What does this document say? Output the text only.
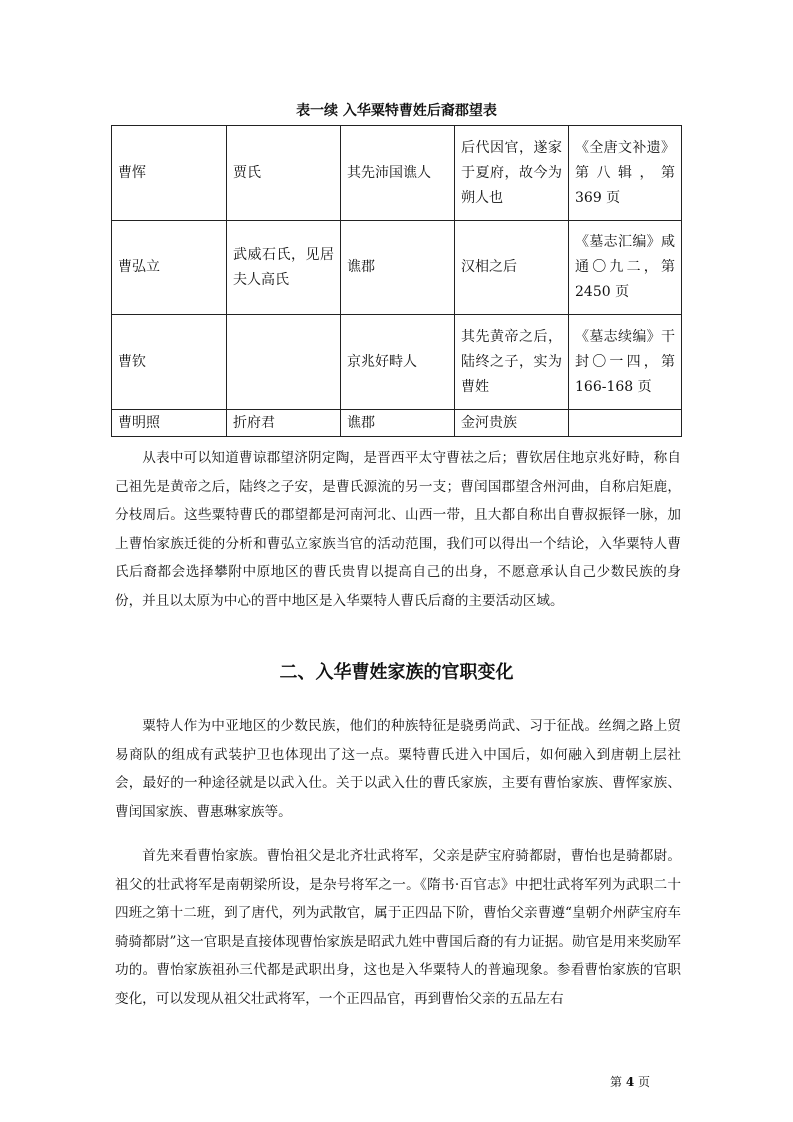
表一续 入华粟特曹姓后裔郡望表
曹恽	贾氏	其先沛国谯人	后代因官，遂家于夏府，故今为朔人也	《全唐文补遗》第八辑，第 369 页
曹弘立	武威石氏，见居夫人高氏	谯郡	汉相之后	《墓志汇编》咸通〇九二，第 2450 页
曹钦		京兆好畤人	其先黄帝之后，陆终之子，实为曹姓	《墓志续编》干封〇一四，第 166-168 页
曹明照	折府君	谯郡	金河贵族	

从表中可以知道曹谅郡望济阴定陶，是晋西平太守曹祛之后；曹钦居住地京兆好畤，称自己祖先是黄帝之后，陆终之子安，是曹氏源流的另一支；曹闰国郡望含州河曲，自称启矩鹿，分枝周后。这些粟特曹氏的郡望都是河南河北、山西一带，且大都自称出自曹叔振铎一脉，加上曹怡家族迁徙的分析和曹弘立家族当官的活动范围，我们可以得出一个结论，入华粟特人曹氏后裔都会选择攀附中原地区的曹氏贵胄以提高自己的出身，不愿意承认自己少数民族的身份，并且以太原为中心的晋中地区是入华粟特人曹氏后裔的主要活动区域。

二、入华曹姓家族的官职变化

粟特人作为中亚地区的少数民族，他们的种族特征是骁勇尚武、习于征战。丝绸之路上贸易商队的组成有武装护卫也体现出了这一点。粟特曹氏进入中国后，如何融入到唐朝上层社会，最好的一种途径就是以武入仕。关于以武入仕的曹氏家族，主要有曹怡家族、曹恽家族、曹闰国家族、曹惠琳家族等。

首先来看曹怡家族。曹怡祖父是北齐壮武将军，父亲是萨宝府骑都尉，曹怡也是骑都尉。祖父的壮武将军是南朝梁所设，是杂号将军之一。《隋书·百官志》中把壮武将军列为武职二十四班之第十二班，到了唐代，列为武散官，属于正四品下阶，曹怡父亲曹遵“皇朝介州萨宝府车骑骑都尉”这一官职是直接体现曹怡家族是昭武九姓中曹国后裔的有力证据。勋官是用来奖励军功的。曹怡家族祖孙三代都是武职出身，这也是入华粟特人的普遍现象。参看曹怡家族的官职变化，可以发现从祖父壮武将军，一个正四品官，再到曹怡父亲的五品左右

第 4 页
